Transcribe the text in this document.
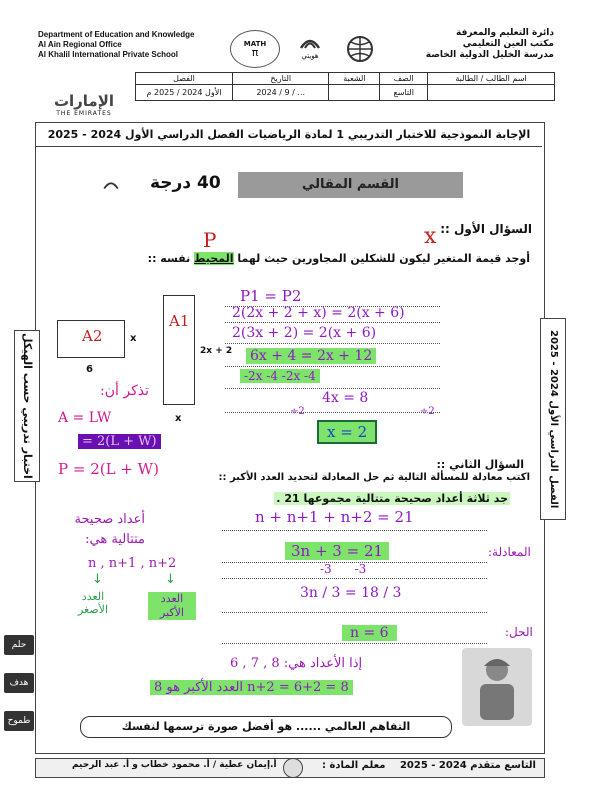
Department of Education and Knowledge
Al Ain Regional Office
Al Khalil International Private School
MATH
π	هويتي
دائرة التعليم والمعرفة
مكتب العين التعليمي
مدرسة الخليل الدولية الخاصة
اسم الطالب / الطالبة	الصف	الشعبة	التاريخ	الفصل
	التاسع		2024 / 9 / ...	الأول 2024 / 2025 م
الإمارات
THE EMIRATES
الإجابة النموذجية للاختبار التدريبي 1 لمادة الرياضيات الفصل الدراسي الأول 2024 - 2025
40 درجة	القسم المقالي
السؤال الأول ::
أوجد قيمة المتغير ليكون للشكلين المجاورين حيث لهما المحيط نفسه ::
P	x
A2
6
x
A1
2x + 2
x
P1 = P2
2(2x + 2 + x) = 2(x + 6)
2(3x + 2) = 2(x + 6)
6x + 4 = 2x + 12
-2x -4 -2x -4
4x = 8
÷2	÷2
x = 2
تذكر أن:
A = LW
= 2(L + W)
P = 2(L + W)	السؤال الثاني ::
اكتب معادلة للمسألة التالية ثم حل المعادلة لتحديد العدد الأكبر ::
جد ثلاثة أعداد صحيحة متتالية مجموعها 21 .
أعداد صحيحة متتالية هي:
n , n+1 , n+2
↓	↓
العدد الأصغر
العدد الأكبر
المعادلة:
الحل:
n + n+1 + n+2 = 21
3n + 3 = 21
-3      -3
3n / 3 = 18 / 3
n = 6
إذا الأعداد هي: 8 , 7 , 6
n+2 = 6+2 = 8 العدد الأكبر هو 8
التفاهم العالمي ...... هو أفضل صورة ترسمها لنفسك
اختبار تدريبي حسب الهيكل
حلم
هدف
طموح
الفصل الدراسي الأول 2024 - 2025
التاسع متقدم 2024 - 2025
معلم المادة :
أ.إيمان عطية / أ. محمود خطاب و أ. عبد الرحيم
